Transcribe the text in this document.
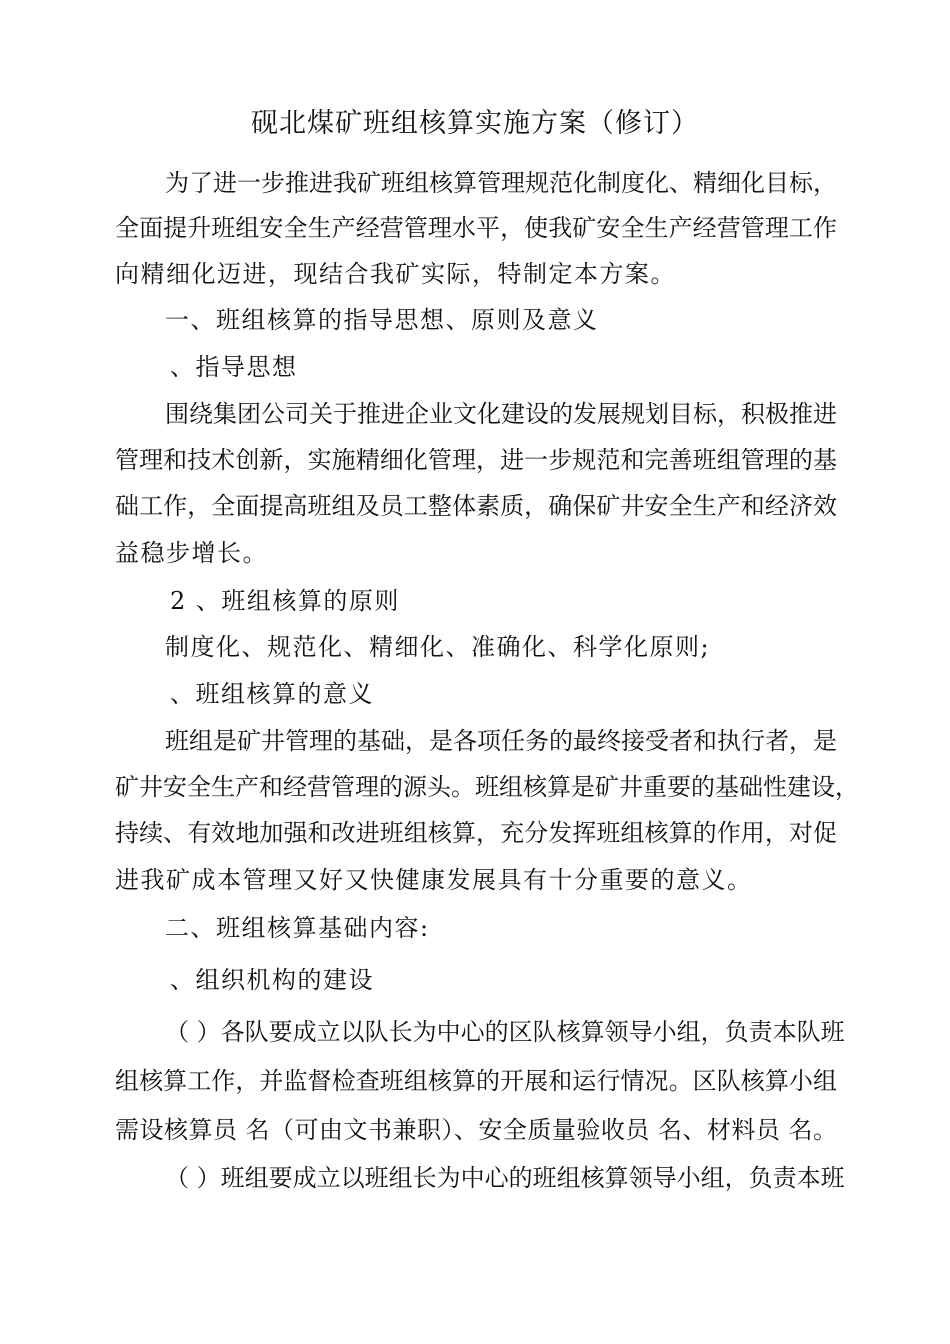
砚北煤矿班组核算实施方案（修订）
为了进一步推进我矿班组核算管理规范化制度化、精细化目标，
全面提升班组安全生产经营管理水平，使我矿安全生产经营管理工作
向精细化迈进，现结合我矿实际，特制定本方案。
一、班组核算的指导思想、原则及意义
、指导思想
围绕集团公司关于推进企业文化建设的发展规划目标，积极推进
管理和技术创新，实施精细化管理，进一步规范和完善班组管理的基
础工作，全面提高班组及员工整体素质，确保矿井安全生产和经济效
益稳步增长。
2 、班组核算的原则
制度化、规范化、精细化、准确化、科学化原则;
、班组核算的意义
班组是矿井管理的基础，是各项任务的最终接受者和执行者，是
矿井安全生产和经营管理的源头。班组核算是矿井重要的基础性建设，
持续、有效地加强和改进班组核算，充分发挥班组核算的作用，对促
进我矿成本管理又好又快健康发展具有十分重要的意义。
二、班组核算基础内容:
、组织机构的建设
（ ）各队要成立以队长为中心的区队核算领导小组，负责本队班
组核算工作，并监督检查班组核算的开展和运行情况。区队核算小组
需设核算员 名（可由文书兼职）、安全质量验收员 名、材料员 名。
（ ）班组要成立以班组长为中心的班组核算领导小组，负责本班
